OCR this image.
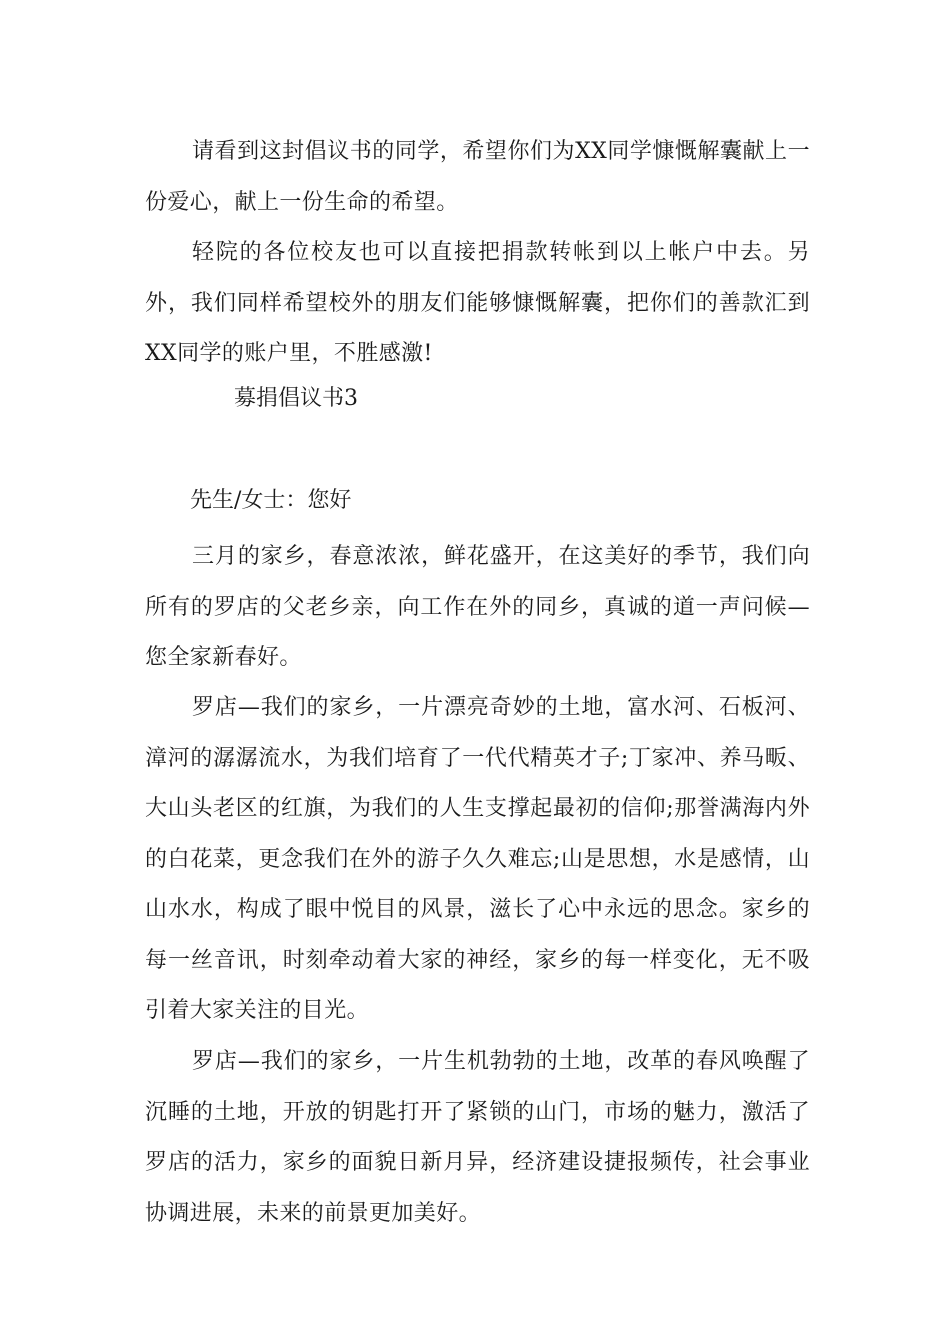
请看到这封倡议书的同学，希望你们为XX同学慷慨解囊献上一份爱心，献上一份生命的希望。

轻院的各位校友也可以直接把捐款转帐到以上帐户中去。另外，我们同样希望校外的朋友们能够慷慨解囊，把你们的善款汇到XX同学的账户里，不胜感激!

募捐倡议书3

先生/女士：您好

三月的家乡，春意浓浓，鲜花盛开，在这美好的季节，我们向所有的罗店的父老乡亲，向工作在外的同乡，真诚的道一声问候—您全家新春好。

罗店—我们的家乡，一片漂亮奇妙的土地，富水河、石板河、漳河的潺潺流水，为我们培育了一代代精英才子;丁家冲、养马畈、大山头老区的红旗，为我们的人生支撑起最初的信仰;那誉满海内外的白花菜，更念我们在外的游子久久难忘;山是思想，水是感情，山山水水，构成了眼中悦目的风景，滋长了心中永远的思念。家乡的每一丝音讯，时刻牵动着大家的神经，家乡的每一样变化，无不吸引着大家关注的目光。

罗店—我们的家乡，一片生机勃勃的土地，改革的春风唤醒了沉睡的土地，开放的钥匙打开了紧锁的山门，市场的魅力，激活了罗店的活力，家乡的面貌日新月异，经济建设捷报频传，社会事业协调进展，未来的前景更加美好。
